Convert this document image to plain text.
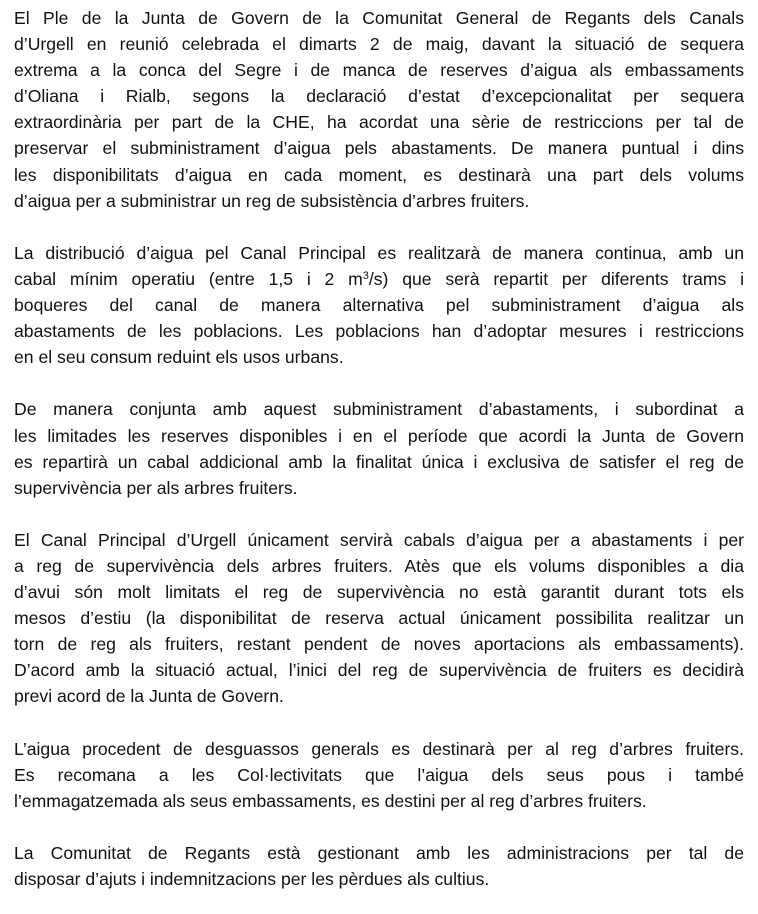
El Ple de la Junta de Govern de la Comunitat General de Regants dels Canals
d’Urgell en reunió celebrada el dimarts 2 de maig, davant la situació de sequera
extrema a la conca del Segre i de manca de reserves d’aigua als embassaments
d’Oliana i Rialb, segons la declaració d’estat d’excepcionalitat per sequera
extraordinària per part de la CHE, ha acordat una sèrie de restriccions per tal de
preservar el subministrament d’aigua pels abastaments. De manera puntual i dins
les disponibilitats d’aigua en cada moment, es destinarà una part dels volums
d’aigua per a subministrar un reg de subsistència d’arbres fruiters.
La distribució d’aigua pel Canal Principal es realitzarà de manera continua, amb un
cabal mínim operatiu (entre 1,5 i 2 $m^3/s$) que serà repartit per diferents trams i
boqueres del canal de manera alternativa pel subministrament d’aigua als
abastaments de les poblacions. Les poblacions han d’adoptar mesures i restriccions
en el seu consum reduint els usos urbans.
De manera conjunta amb aquest subministrament d’abastaments, i subordinat a
les limitades les reserves disponibles i en el període que acordi la Junta de Govern
es repartirà un cabal addicional amb la finalitat única i exclusiva de satisfer el reg de
supervivència per als arbres fruiters.
El Canal Principal d’Urgell únicament servirà cabals d’aigua per a abastaments i per
a reg de supervivència dels arbres fruiters. Atès que els volums disponibles a dia
d’avui són molt limitats el reg de supervivència no està garantit durant tots els
mesos d’estiu (la disponibilitat de reserva actual únicament possibilita realitzar un
torn de reg als fruiters, restant pendent de noves aportacions als embassaments).
D’acord amb la situació actual, l’inici del reg de supervivència de fruiters es decidirà
previ acord de la Junta de Govern.
L’aigua procedent de desguassos generals es destinarà per al reg d’arbres fruiters.
Es recomana a les Col·lectivitats que l’aigua dels seus pous i també
l’emmagatzemada als seus embassaments, es destini per al reg d’arbres fruiters.
La Comunitat de Regants està gestionant amb les administracions per tal de
disposar d’ajuts i indemnitzacions per les pèrdues als cultius.
